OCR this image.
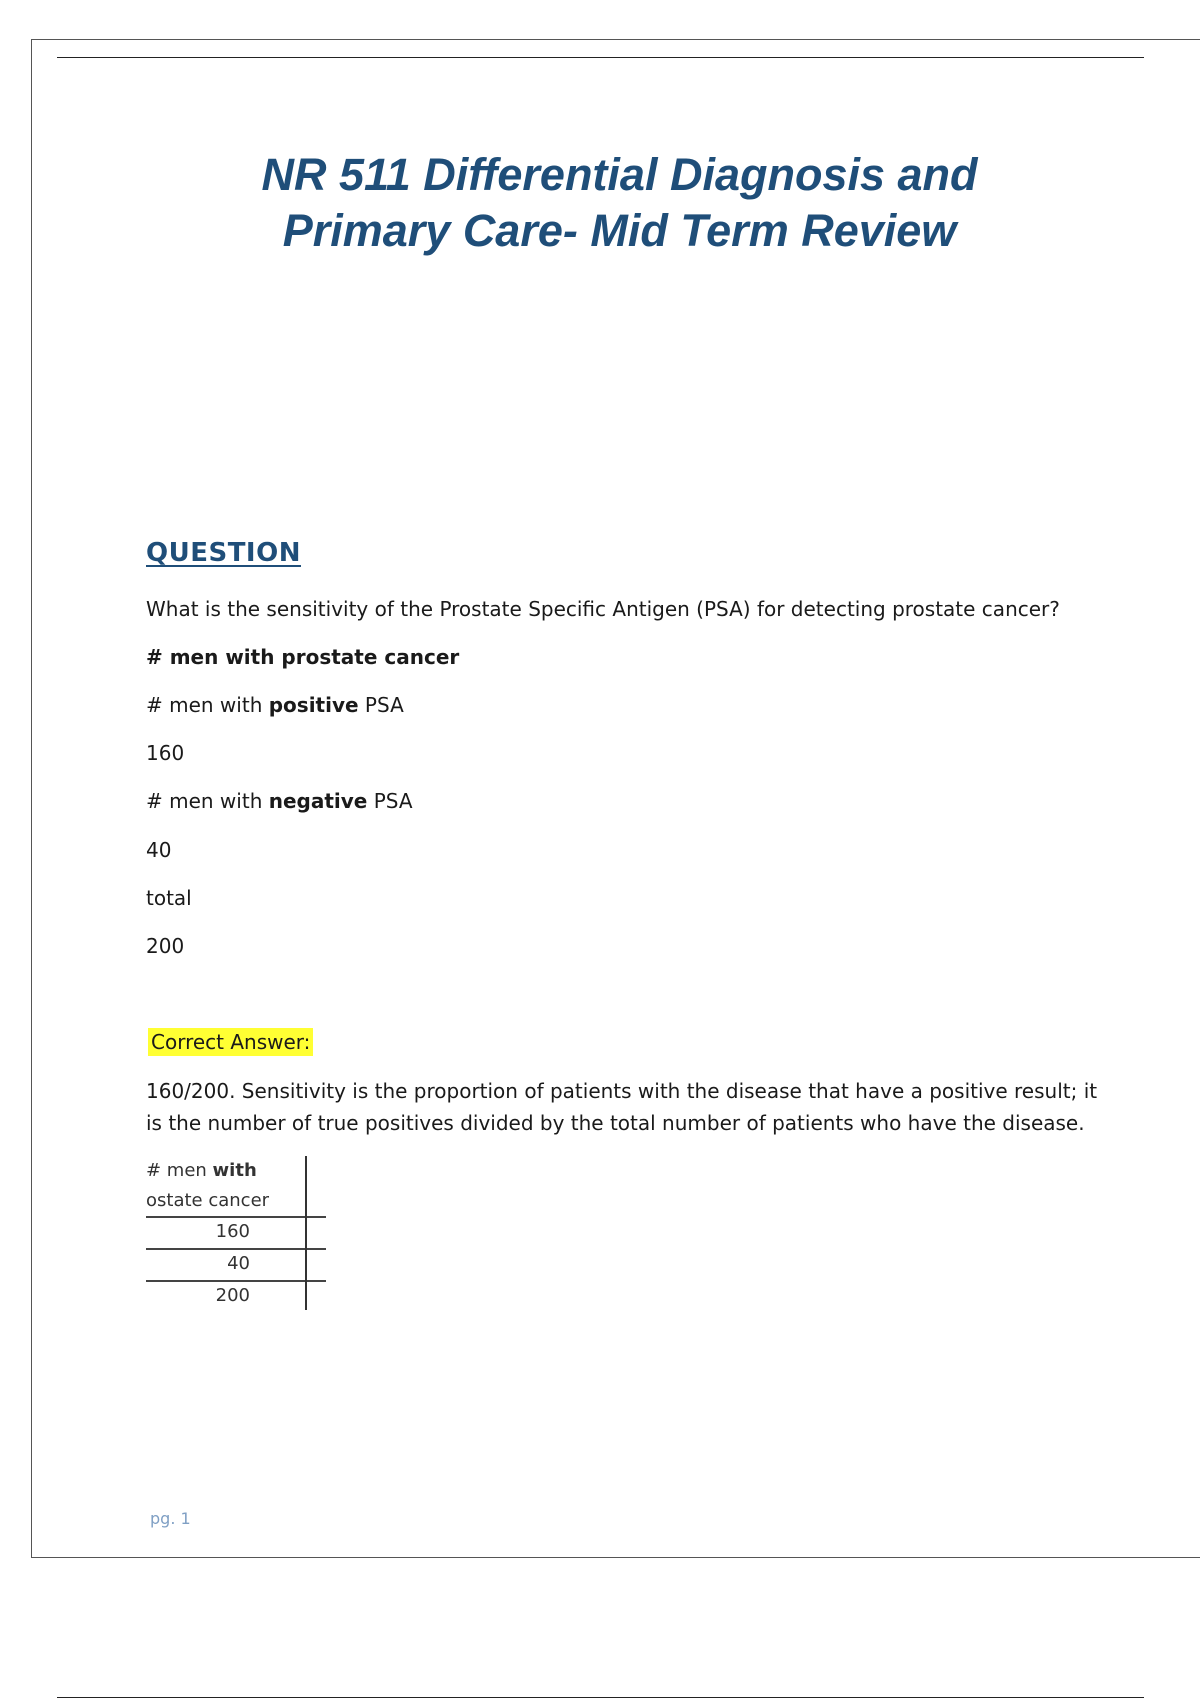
NR 511 Differential Diagnosis and
Primary Care- Mid Term Review
QUESTION

What is the sensitivity of the Prostate Specific Antigen (PSA) for detecting prostate cancer?

# men with prostate cancer

# men with positive PSA

160

# men with negative PSA

40

total

200

Correct Answer:

160/200. Sensitivity is the proportion of patients with the disease that have a positive result; it is the number of true positives divided by the total number of patients who have the disease.

# men with
ostate cancer
160
40
200
pg. 1
